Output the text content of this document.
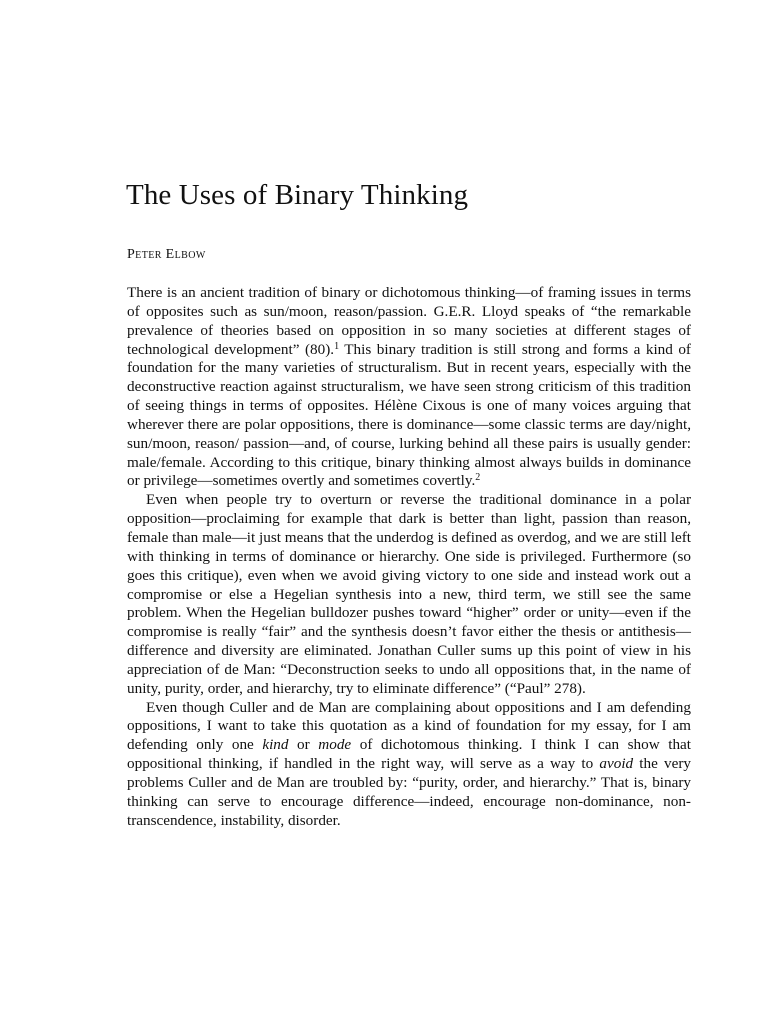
The Uses of Binary Thinking
Peter Elbow

There is an ancient tradition of binary or dichotomous thinking—of framing issues in terms of opposites such as sun/moon, reason/passion. G.E.R. Lloyd speaks of “the remarkable prevalence of theories based on opposition in so many societies at different stages of technological development” (80).$^1$ This binary tradition is still strong and forms a kind of foundation for the many varieties of structuralism. But in recent years, especially with the deconstructive reaction against structuralism, we have seen strong criticism of this tradition of seeing things in terms of opposites. Hélène Cixous is one of many voices arguing that wherever there are polar oppositions, there is dominance—some classic terms are day/night, sun/moon, reason/ passion—and, of course, lurking behind all these pairs is usually gender: male/female. According to this critique, binary thinking almost always builds in dominance or privilege—sometimes overtly and sometimes covertly.$^2$

Even when people try to overturn or reverse the traditional dominance in a polar opposition—proclaiming for example that dark is better than light, passion than reason, female than male—it just means that the underdog is defined as overdog, and we are still left with thinking in terms of dominance or hierarchy. One side is privileged. Furthermore (so goes this critique), even when we avoid giving victory to one side and instead work out a compromise or else a Hegelian synthesis into a new, third term, we still see the same problem. When the Hegelian bulldozer pushes toward “higher” order or unity—even if the compromise is really “fair” and the synthesis doesn’t favor either the thesis or antithesis—difference and diversity are eliminated. Jonathan Culler sums up this point of view in his appreciation of de Man: “Deconstruction seeks to undo all oppositions that, in the name of unity, purity, order, and hierarchy, try to eliminate difference” (“Paul” 278).

Even though Culler and de Man are complaining about oppositions and I am defending oppositions, I want to take this quotation as a kind of foundation for my essay, for I am defending only one kind or mode of dichotomous thinking. I think I can show that oppositional thinking, if handled in the right way, will serve as a way to avoid the very problems Culler and de Man are troubled by: “purity, order, and hierarchy.” That is, binary thinking can serve to encourage difference—indeed, encourage non-dominance, non-transcendence, instability, disorder.
